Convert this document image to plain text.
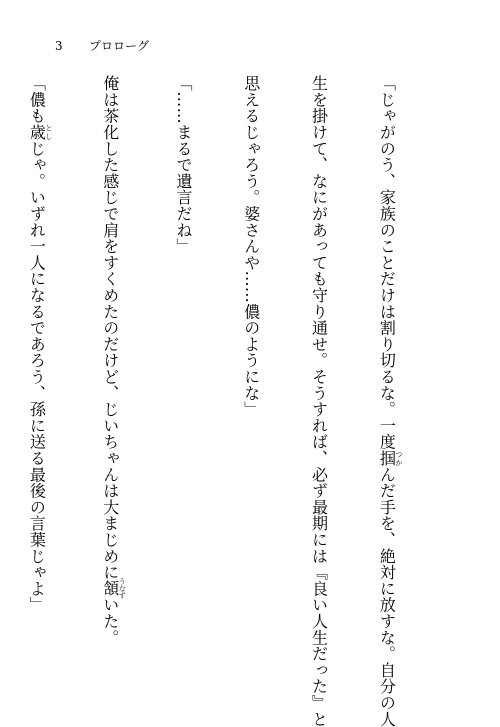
3 プロローグ

「じゃがのう、家族のことだけは割り切るな。一度掴つかんだ手を、絶対に放すな。自分の人

生を掛けて、なにがあっても守り通せ。そうすれば、必ず最期には『良い人生だった』と

思えるじゃろう。婆さんや……儂のようにな」

「……まるで遺言だね」

俺は茶化した感じで肩をすくめたのだけど、じいちゃんは大まじめに頷うなずいた。

「儂も歳としじゃ。いずれ一人になるであろう、孫に送る最後の言葉じゃよ」
